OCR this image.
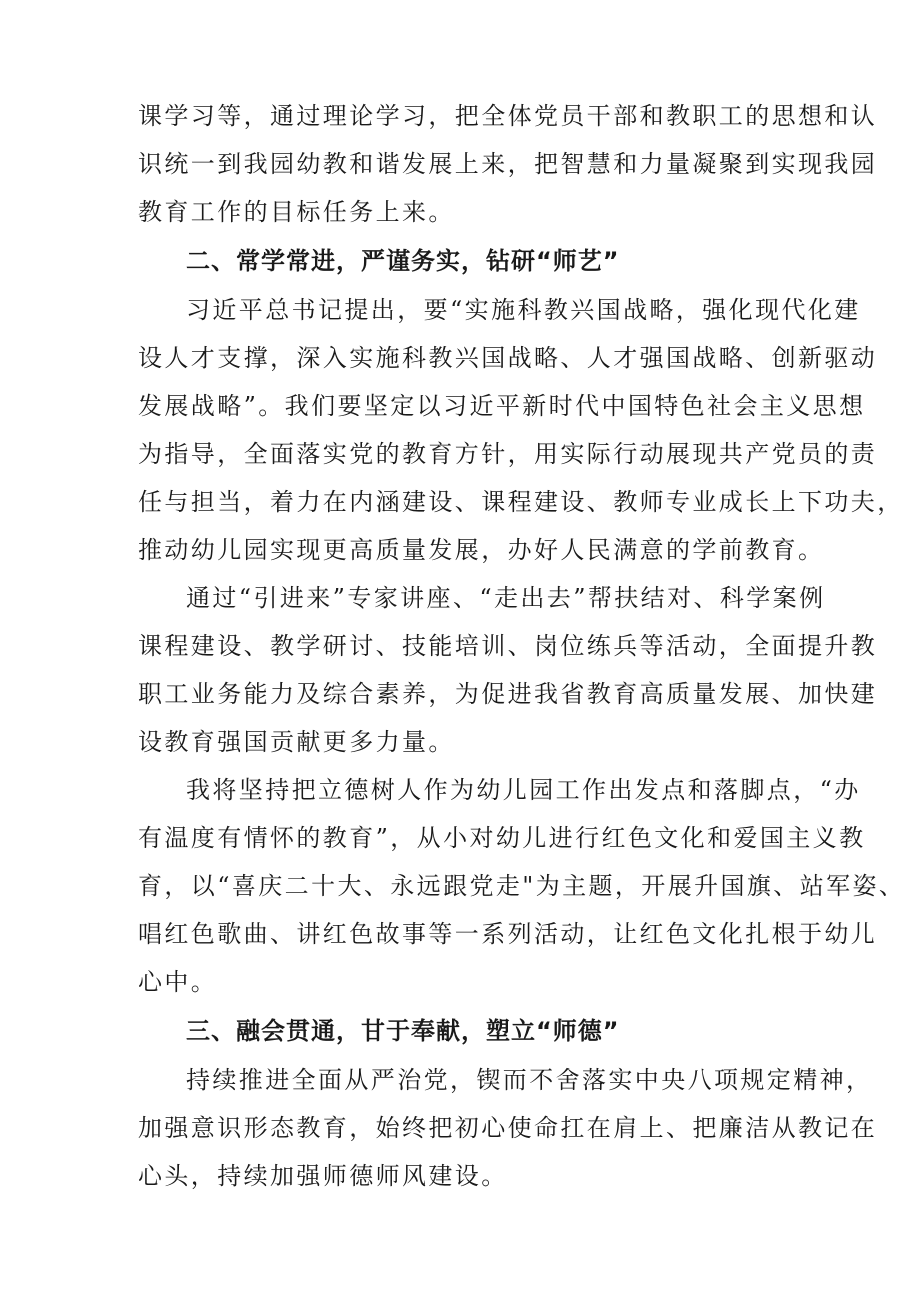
课学习等，通过理论学习，把全体党员干部和教职工的思想和认
识统一到我园幼教和谐发展上来，把智慧和力量凝聚到实现我园
教育工作的目标任务上来。
二、常学常进，严谨务实，钻研“师艺”
习近平总书记提出，要“实施科教兴国战略，强化现代化建
设人才支撑，深入实施科教兴国战略、人才强国战略、创新驱动
发展战略”。我们要坚定以习近平新时代中国特色社会主义思想
为指导，全面落实党的教育方针，用实际行动展现共产党员的责
任与担当，着力在内涵建设、课程建设、教师专业成长上下功夫，
推动幼儿园实现更高质量发展，办好人民满意的学前教育。
通过“引进来”专家讲座、“走出去”帮扶结对、科学案例
课程建设、教学研讨、技能培训、岗位练兵等活动，全面提升教
职工业务能力及综合素养，为促进我省教育高质量发展、加快建
设教育强国贡献更多力量。
我将坚持把立德树人作为幼儿园工作出发点和落脚点，“办
有温度有情怀的教育”，从小对幼儿进行红色文化和爱国主义教
育，以“喜庆二十大、永远跟党走"为主题，开展升国旗、站军姿、
唱红色歌曲、讲红色故事等一系列活动，让红色文化扎根于幼儿
心中。
三、融会贯通，甘于奉献，塑立“师德”
持续推进全面从严治党，锲而不舍落实中央八项规定精神，
加强意识形态教育，始终把初心使命扛在肩上、把廉洁从教记在
心头，持续加强师德师风建设。
